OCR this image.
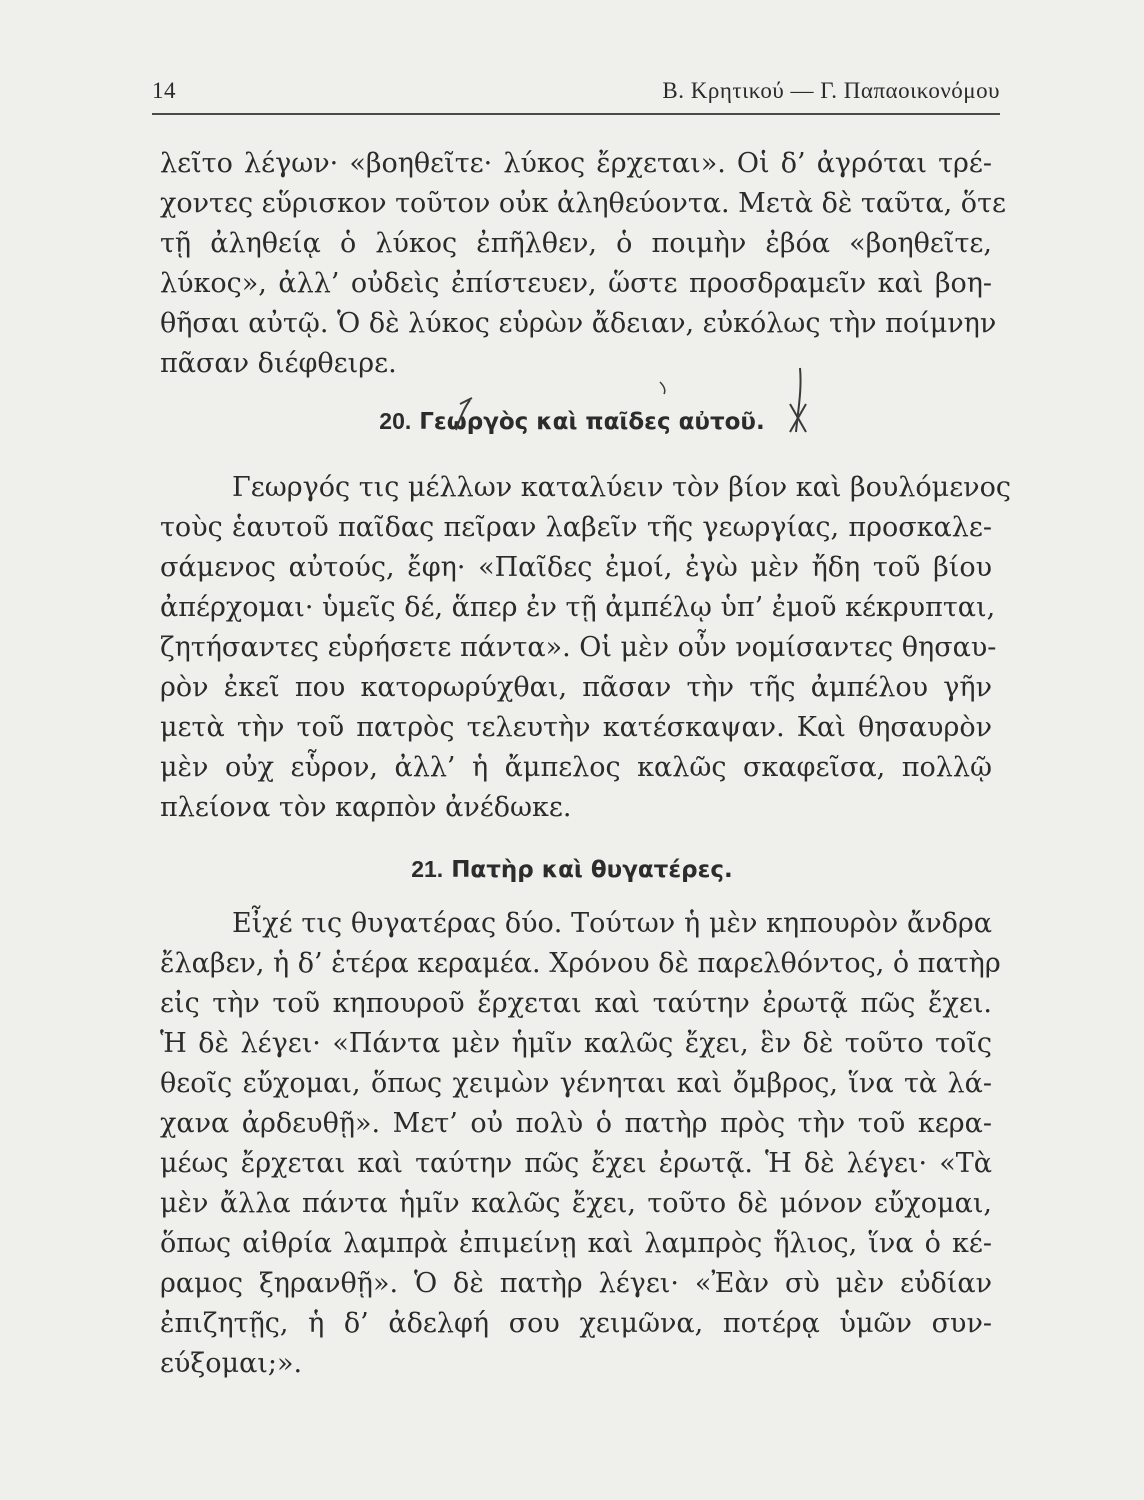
14	Β. Κρητικού — Γ. Παπαοικονόμου
λεῖτο λέγων· «βοηθεῖτε· λύκος ἔρχεται». Οἱ δ’ ἀγρόται τρέ-
χοντες εὕρισκον τοῦτον οὐκ ἀληθεύοντα. Μετὰ δὲ ταῦτα, ὅτε
τῇ ἀληθείᾳ ὁ λύκος ἐπῆλθεν, ὁ ποιμὴν ἐβόα «βοηθεῖτε,
λύκος», ἀλλ’ οὐδεὶς ἐπίστευεν, ὥστε προσδραμεῖν καὶ βοη-
θῆσαι αὐτῷ. Ὁ δὲ λύκος εὑρὼν ἄδειαν, εὐκόλως τὴν ποίμνην
πᾶσαν διέφθειρε.
20. Γεωργὸς καὶ παῖδες αὐτοῦ.
Γεωργός τις μέλλων καταλύειν τὸν βίον καὶ βουλόμενος
τοὺς ἑαυτοῦ παῖδας πεῖραν λαβεῖν τῆς γεωργίας, προσκαλε-
σάμενος αὐτούς, ἔφη· «Παῖδες ἐμοί, ἐγὼ μὲν ἤδη τοῦ βίου
ἀπέρχομαι· ὑμεῖς δέ, ἅπερ ἐν τῇ ἀμπέλῳ ὑπ’ ἐμοῦ κέκρυπται,
ζητήσαντες εὑρήσετε πάντα». Οἱ μὲν οὖν νομίσαντες θησαυ-
ρὸν ἐκεῖ που κατορωρύχθαι, πᾶσαν τὴν τῆς ἀμπέλου γῆν
μετὰ τὴν τοῦ πατρὸς τελευτὴν κατέσκαψαν. Καὶ θησαυρὸν
μὲν οὐχ εὗρον, ἀλλ’ ἡ ἄμπελος καλῶς σκαφεῖσα, πολλῷ
πλείονα τὸν καρπὸν ἀνέδωκε.
21. Πατὴρ καὶ θυγατέρες.
Εἶχέ τις θυγατέρας δύο. Τούτων ἡ μὲν κηπουρὸν ἄνδρα
ἔλαβεν, ἡ δ’ ἑτέρα κεραμέα. Χρόνου δὲ παρελθόντος, ὁ πατὴρ
εἰς τὴν τοῦ κηπουροῦ ἔρχεται καὶ ταύτην ἐρωτᾷ πῶς ἔχει.
Ἡ δὲ λέγει· «Πάντα μὲν ἡμῖν καλῶς ἔχει, ἓν δὲ τοῦτο τοῖς
θεοῖς εὔχομαι, ὅπως χειμὼν γένηται καὶ ὄμβρος, ἵνα τὰ λά-
χανα ἀρδευθῇ». Μετ’ οὐ πολὺ ὁ πατὴρ πρὸς τὴν τοῦ κερα-
μέως ἔρχεται καὶ ταύτην πῶς ἔχει ἐρωτᾷ. Ἡ δὲ λέγει· «Τὰ
μὲν ἄλλα πάντα ἡμῖν καλῶς ἔχει, τοῦτο δὲ μόνον εὔχομαι,
ὅπως αἰθρία λαμπρὰ ἐπιμείνῃ καὶ λαμπρὸς ἥλιος, ἵνα ὁ κέ-
ραμος ξηρανθῇ». Ὁ δὲ πατὴρ λέγει· «Ἐὰν σὺ μὲν εὐδίαν
ἐπιζητῇς, ἡ δ’ ἀδελφή σου χειμῶνα, ποτέρᾳ ὑμῶν συν-
εύξομαι;».
